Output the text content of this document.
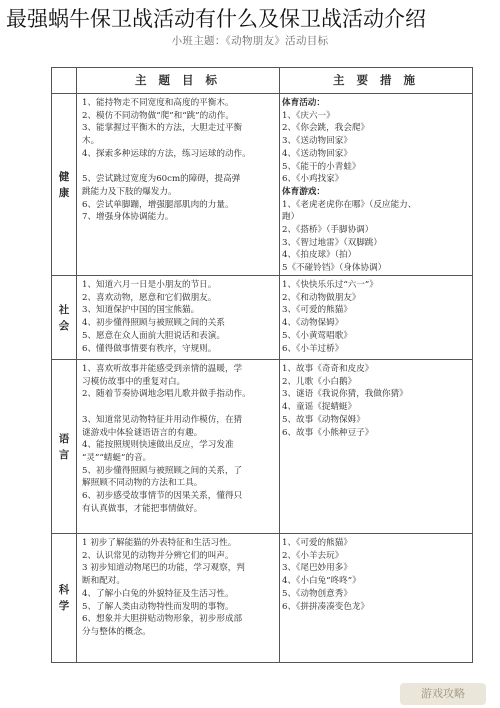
最强蜗牛保卫战活动有什么及保卫战活动介绍
小班主题：《动物朋友》活动目标
主 题 目 标	主 要 措 施
健
康
1、能持物走不同宽度和高度的平衡木。
2、模仿不同动物做“爬”和“跳”的动作。
3、能掌握过平衡木的方法，大胆走过平衡
木。
4、探索多种运球的方法，练习运球的动作。

5、尝试跳过宽度为60cm的障碍，提高弹
跳能力及下肢的爆发力。
6、尝试单脚蹦，增强腿部肌肉的力量。
7、增强身体协调能力。
体育活动：
1、《庆六一》
2、《你会跳，我会爬》
3、《送动物回家》
4、《送动物回家》
5、《能干的小青蛙》
6、《小鸡找家》
体育游戏：
1、《老虎老虎你在哪》（反应能力、
跑）
2、《搭桥》（手脚协调）
3、《智过地雷》（双脚跳）
4、《拍皮球》（拍）
5《不碰铃铛》（身体协调）
社
会
1、知道六月一日是小朋友的节日。
2、喜欢动物，愿意和它们做朋友。
3、知道保护中国的国宝熊猫。
4、初步懂得照顾与被照顾之间的关系
5、愿意在众人面前大胆说话和表演。
6、懂得做事情要有秩序，守规则。
1、《快快乐乐过“六一”》
2、《和动物做朋友》
3、《可爱的熊猫》
4、《动物保姆》
5、《小黄莺唱歌》
6、《小羊过桥》
语
言
1、喜欢听故事并能感受到亲情的温暖，学
习模仿故事中的重复对白。
2、随着节奏协调地念唱儿歌并做手指动作。

3、知道常见动物特征并用动作模仿，在猜
谜游戏中体验谜语语言的有趣。
4、能按照规则快速做出反应，学习发准
“灵”“蜻蜓”的音。
5、初步懂得照顾与被照顾之间的关系，了
解照顾不同动物的方法和工具。
6、初步感受故事情节的因果关系，懂得只
有认真做事，才能把事情做好。
1、故事《奇奇和皮皮》
2、儿歌《小白鹅》
3、谜语《我说你猜，我做你猜》
4、童谣《捉蜻蜓》
5、故事《动物保姆》
6、故事《小熊种豆子》
科
学
1 初步了解能猫的外表特征和生活习性。
2、认识常见的动物并分辨它们的叫声。
3 初步知道动物尾巴的功能，学习观察，判
断和配对。
4、了解小白兔的外貌特征及生活习性。
5、了解人类由动物特性而发明的事物。
6、想象并大胆拼贴动物形象，初步形成部
分与整体的概念。
1、《可爱的熊猫》
2、《小羊去玩》
3、《尾巴妙用多》
4、《小白兔“咚咚”》
5、《动物创意秀》
6、《拼拼凑凑变色龙》
游戏攻略
